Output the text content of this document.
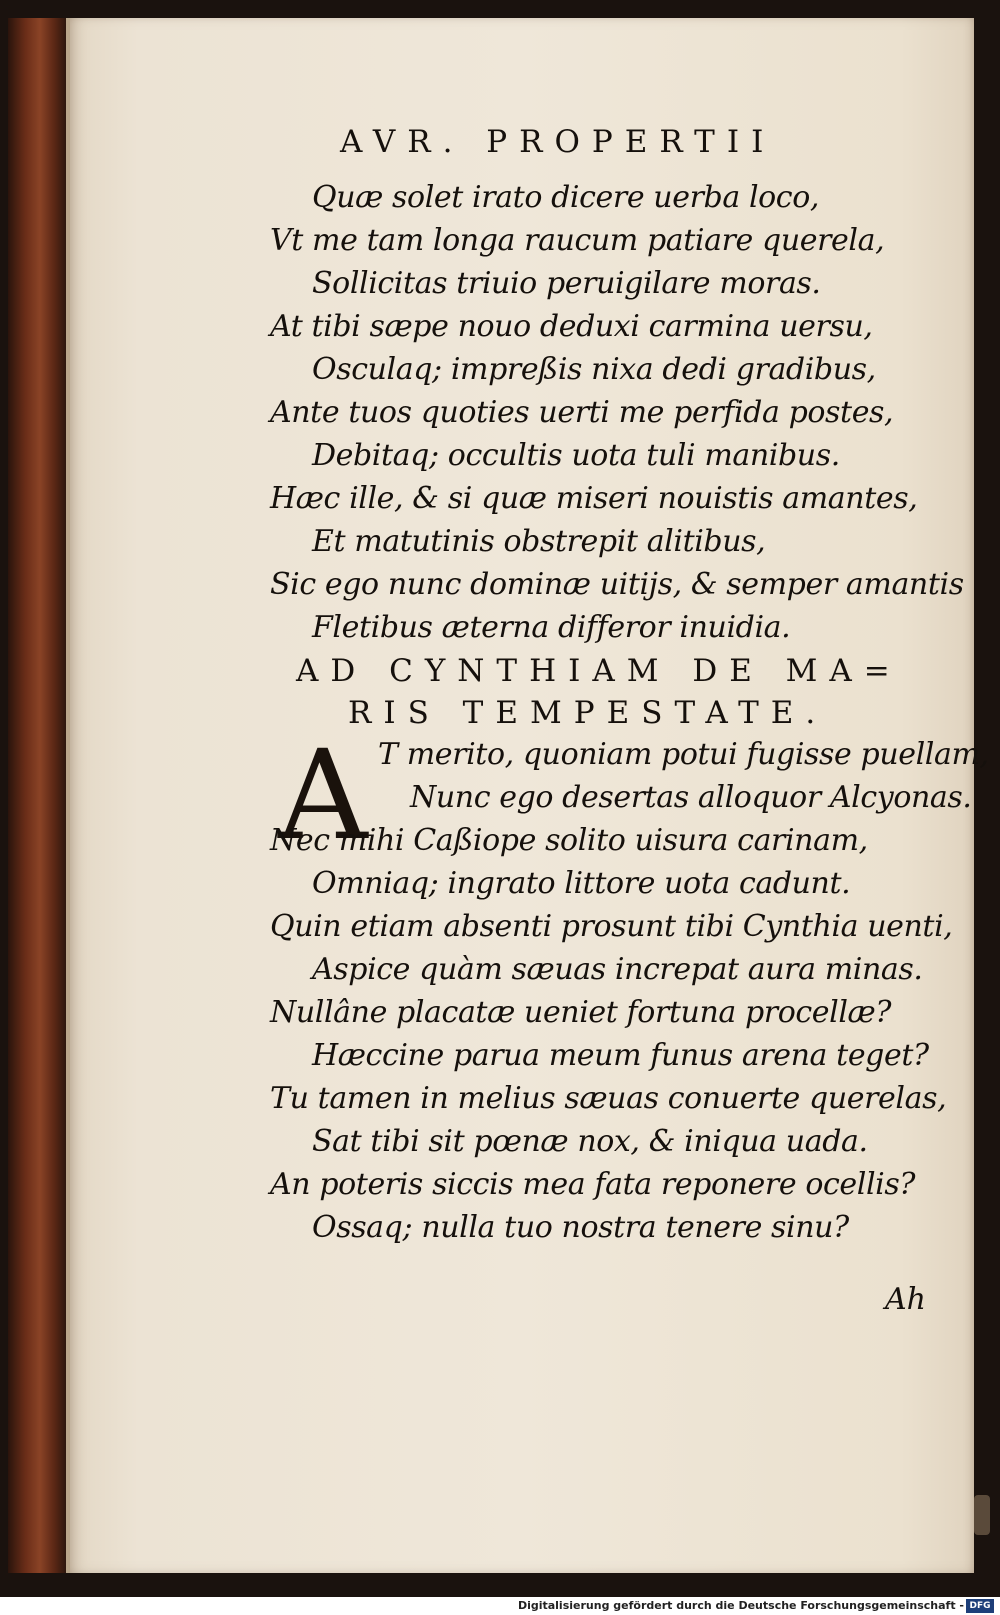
AVR. PROPERTII
Quæ solet irato dicere uerba loco,
Vt me tam longa raucum patiare querela,
Sollicitas triuio peruigilare moras.
At tibi sæpe nouo deduxi carmina uersu,
Osculaq; impreßis nixa dedi gradibus,
Ante tuos quoties uerti me perfida postes,
Debitaq; occultis uota tuli manibus.
Hæc ille, & si quæ miseri nouistis amantes,
Et matutinis obstrepit alitibus,
Sic ego nunc dominæ uitijs, & semper amantis
Fletibus æterna differor inuidia.
AD CYNTHIAM DE MA=
RIS TEMPESTATE.
A T merito, quoniam potui fugisse puellam,
Nunc ego desertas alloquor Alcyonas.
Nec mihi Caßiope solito uisura carinam,
Omniaq; ingrato littore uota cadunt.
Quin etiam absenti prosunt tibi Cynthia uenti,
Aspice quàm sæuas increpat aura minas.
Nullâne placatæ ueniet fortuna procellæ?
Hæccine parua meum funus arena teget?
Tu tamen in melius sæuas conuerte querelas,
Sat tibi sit pœnæ nox, & iniqua uada.
An poteris siccis mea fata reponere ocellis?
Ossaq; nulla tuo nostra tenere sinu?
Ah
Digitalisierung gefördert durch die Deutsche Forschungsgemeinschaft - DFG
